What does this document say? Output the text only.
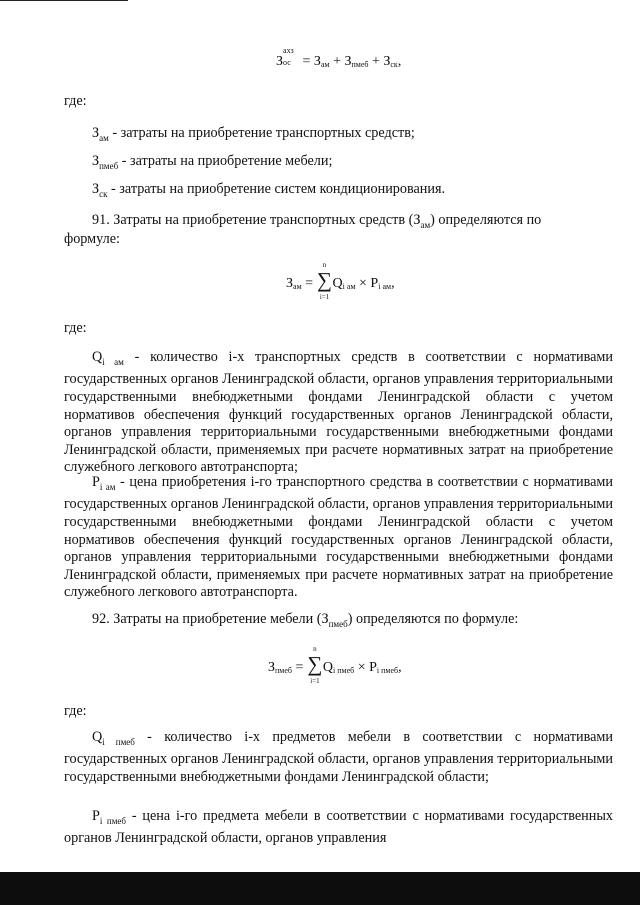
З
ахз
ос = $З_{ам} + З_{пмеб} + З_{ск}$,
где:
$З_{ам}$ - затраты на приобретение транспортных средств;
$З_{пмеб}$ - затраты на приобретение мебели;
$З_{ск}$ - затраты на приобретение систем кондиционирования.
91. Затраты на приобретение транспортных средств $(З_{ам})$ определяются по
формуле:
$З_{ам}$ =
n
∑
i=1
$Q_{i ам} \times P_{i ам}$,
где:
$Q_{i ам}$ - количество i-х транспортных средств в соответствии с нормативами государственных органов Ленинградской области, органов управления территориальными государственными внебюджетными фондами Ленинградской области с учетом нормативов обеспечения функций государственных органов Ленинградской области, органов управления территориальными государственными внебюджетными фондами Ленинградской области, применяемых при расчете нормативных затрат на приобретение служебного легкового автотранспорта;
$P_{i ам}$ - цена приобретения i-го транспортного средства в соответствии с нормативами государственных органов Ленинградской области, органов управления территориальными государственными внебюджетными фондами Ленинградской области с учетом нормативов обеспечения функций государственных органов Ленинградской области, органов управления территориальными государственными внебюджетными фондами Ленинградской области, применяемых при расчете нормативных затрат на приобретение служебного легкового автотранспорта.
92. Затраты на приобретение мебели $(З_{пмеб})$ определяются по формуле:
$З_{пмеб}$ =
n
∑
i=1
$Q_{i пмеб} \times P_{i пмеб}$,
где:
$Q_{i пмеб}$ - количество i-х предметов мебели в соответствии с нормативами государственных органов Ленинградской области, органов управления территориальными государственными внебюджетными фондами Ленинградской области;
$P_{i пмеб}$ - цена i-го предмета мебели в соответствии с нормативами государственных органов Ленинградской области, органов управления
